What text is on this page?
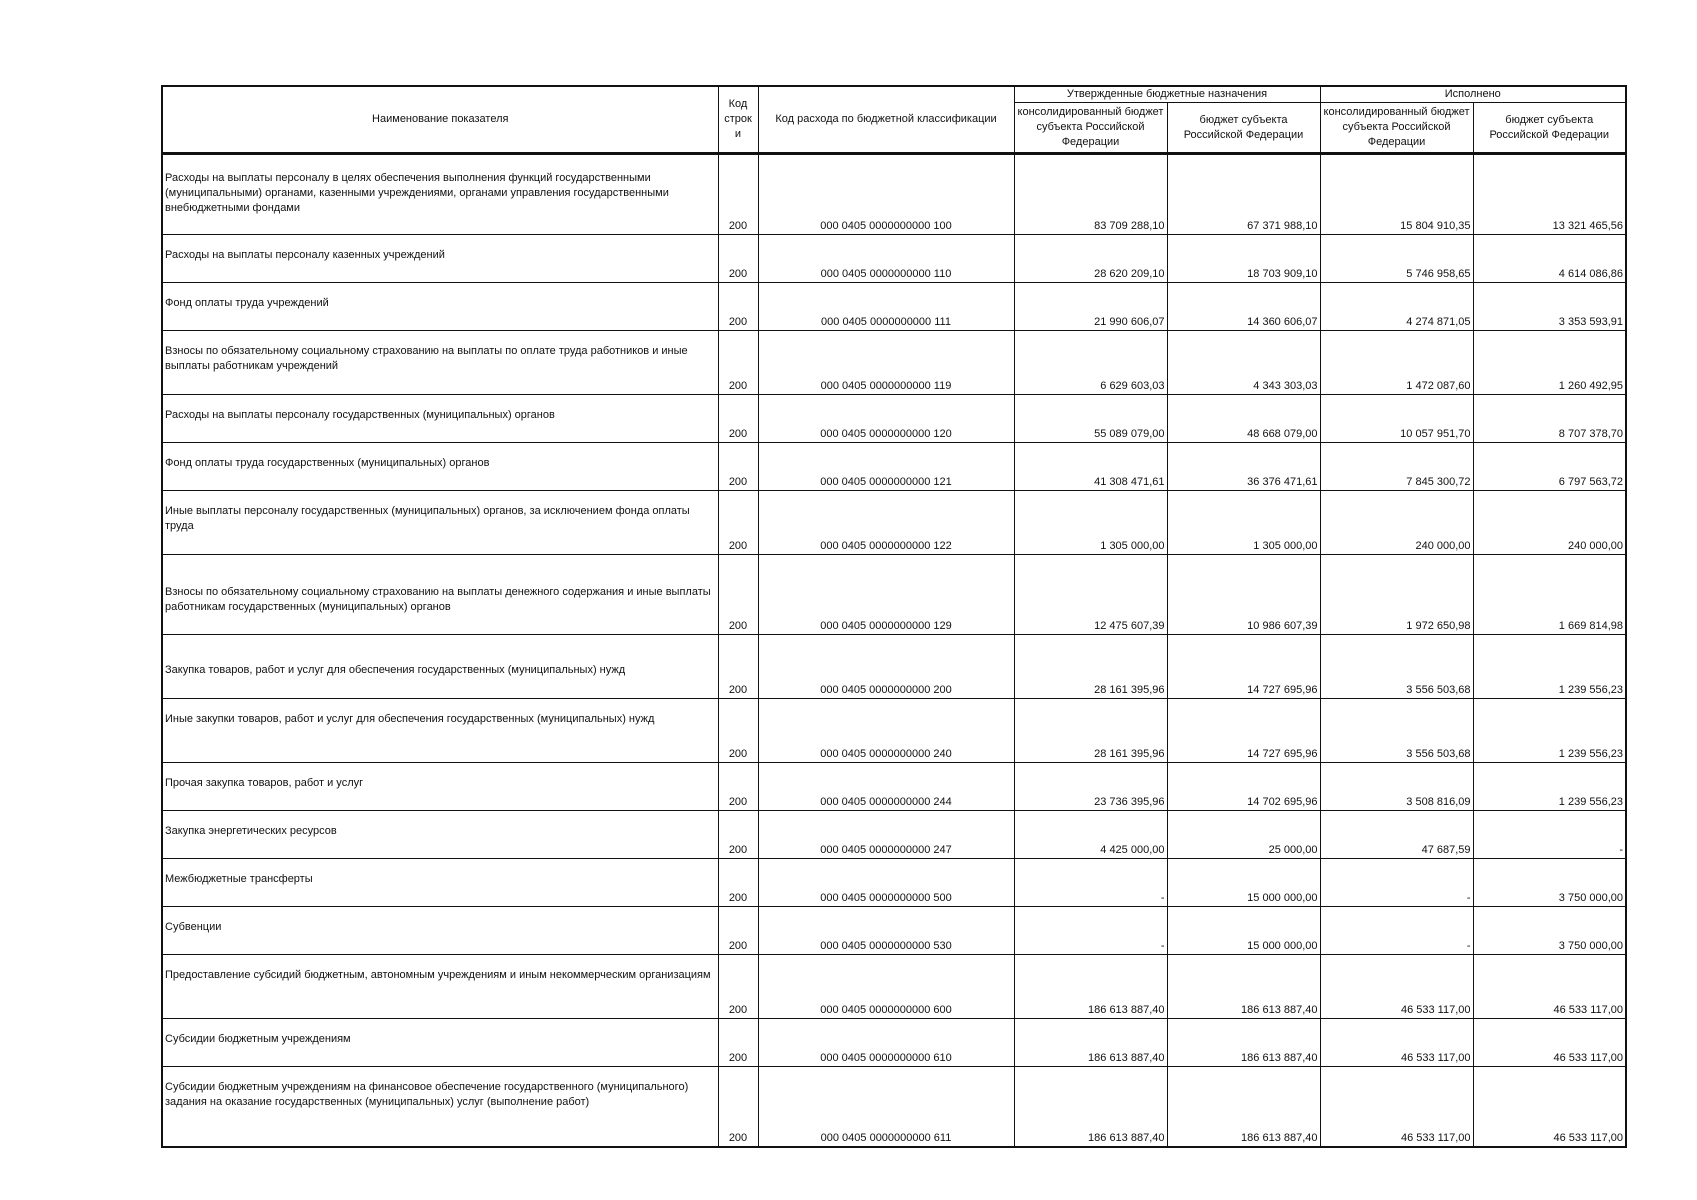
Наименование показателя	Код строк и	Код расхода по бюджетной классификации	Утвержденные бюджетные назначения		Исполнено	
			консолидированный бюджет субъекта Российской Федерации	бюджет субъекта Российской Федерации	консолидированный бюджет субъекта Российской Федерации	бюджет субъекта Российской Федерации

Расходы на выплаты персоналу в целях обеспечения выполнения функций государственными (муниципальными) органами, казенными учреждениями, органами управления государственными внебюджетными фондами	200	000 0405 0000000000 100	83 709 288,10	67 371 988,10	15 804 910,35	13 321 465,56

Расходы на выплаты персоналу казенных учреждений	200	000 0405 0000000000 110	28 620 209,10	18 703 909,10	5 746 958,65	4 614 086,86

Фонд оплаты труда учреждений	200	000 0405 0000000000 111	21 990 606,07	14 360 606,07	4 274 871,05	3 353 593,91

Взносы по обязательному социальному страхованию на выплаты по оплате труда работников и иные выплаты работникам учреждений	200	000 0405 0000000000 119	6 629 603,03	4 343 303,03	1 472 087,60	1 260 492,95

Расходы на выплаты персоналу государственных (муниципальных) органов	200	000 0405 0000000000 120	55 089 079,00	48 668 079,00	10 057 951,70	8 707 378,70

Фонд оплаты труда государственных (муниципальных) органов	200	000 0405 0000000000 121	41 308 471,61	36 376 471,61	7 845 300,72	6 797 563,72

Иные выплаты персоналу государственных (муниципальных) органов, за исключением фонда оплаты труда	200	000 0405 0000000000 122	1 305 000,00	1 305 000,00	240 000,00	240 000,00

Взносы по обязательному социальному страхованию на выплаты денежного содержания и иные выплаты работникам государственных (муниципальных) органов	200	000 0405 0000000000 129	12 475 607,39	10 986 607,39	1 972 650,98	1 669 814,98

Закупка товаров, работ и услуг для обеспечения государственных (муниципальных) нужд	200	000 0405 0000000000 200	28 161 395,96	14 727 695,96	3 556 503,68	1 239 556,23

Иные закупки товаров, работ и услуг для обеспечения государственных (муниципальных) нужд	200	000 0405 0000000000 240	28 161 395,96	14 727 695,96	3 556 503,68	1 239 556,23

Прочая закупка товаров, работ и услуг	200	000 0405 0000000000 244	23 736 395,96	14 702 695,96	3 508 816,09	1 239 556,23

Закупка энергетических ресурсов	200	000 0405 0000000000 247	4 425 000,00	25 000,00	47 687,59	-

Межбюджетные трансферты	200	000 0405 0000000000 500	-	15 000 000,00	-	3 750 000,00

Субвенции	200	000 0405 0000000000 530	-	15 000 000,00	-	3 750 000,00

Предоставление субсидий бюджетным, автономным учреждениям и иным некоммерческим организациям	200	000 0405 0000000000 600	186 613 887,40	186 613 887,40	46 533 117,00	46 533 117,00

Субсидии бюджетным учреждениям	200	000 0405 0000000000 610	186 613 887,40	186 613 887,40	46 533 117,00	46 533 117,00

Субсидии бюджетным учреждениям на финансовое обеспечение государственного (муниципального) задания на оказание государственных (муниципальных) услуг (выполнение работ)	200	000 0405 0000000000 611	186 613 887,40	186 613 887,40	46 533 117,00	46 533 117,00
